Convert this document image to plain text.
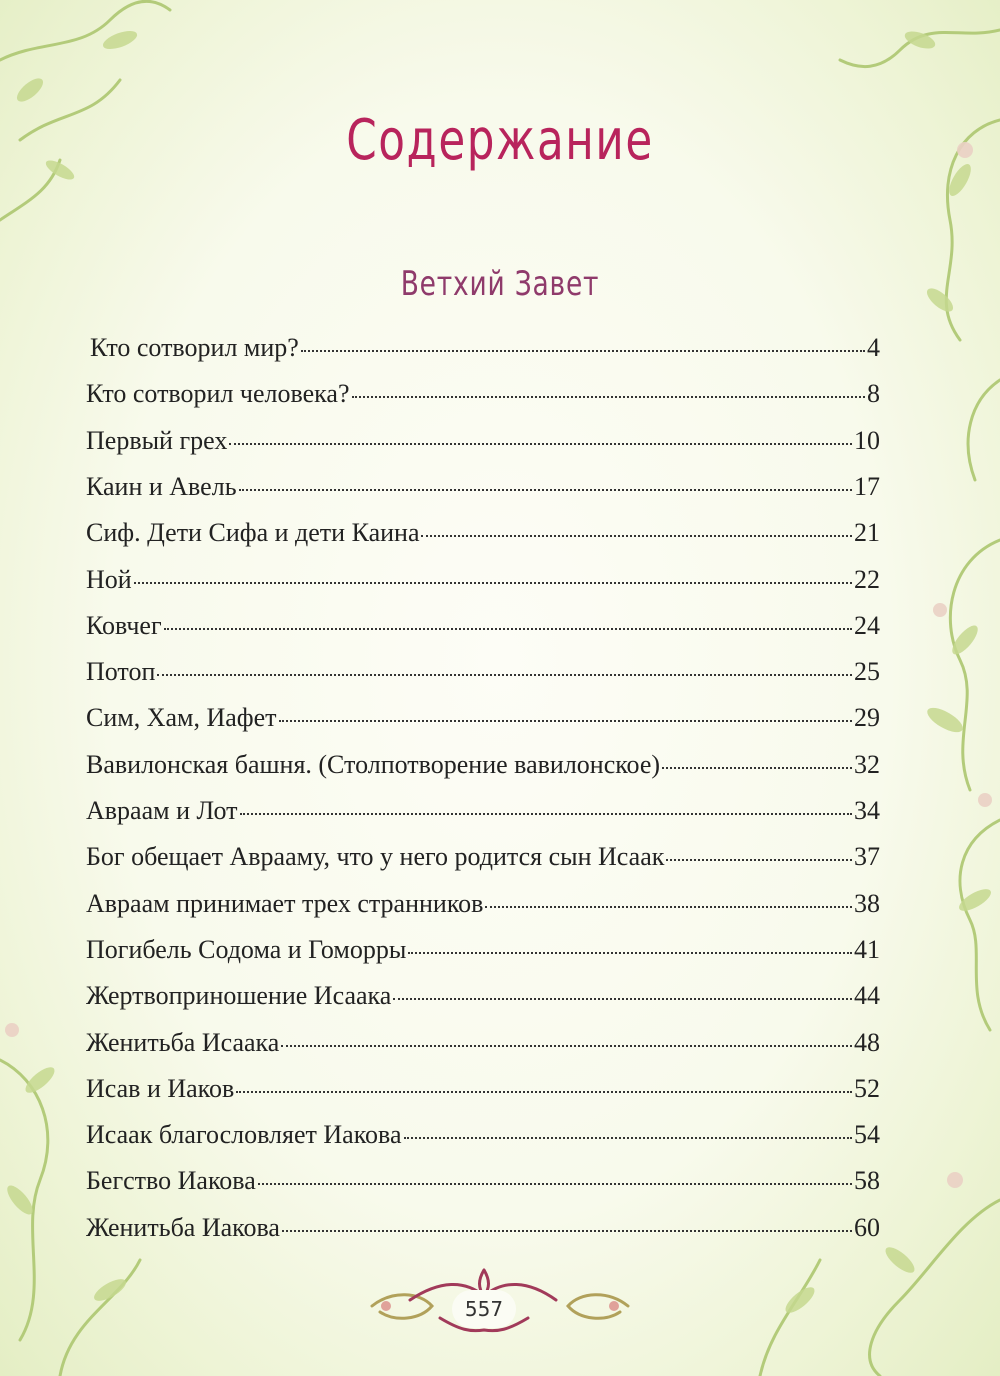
Содержание
Ветхий Завет
Кто сотворил мир?	4
Кто сотворил человека?	8
Первый грех	10
Каин и Авель	17
Сиф. Дети Сифа и дети Каина	21
Ной	22
Ковчег	24
Потоп	25
Сим, Хам, Иафет	29
Вавилонская башня. (Столпотворение вавилонское)	32
Авраам и Лот	34
Бог обещает Аврааму, что у него родится сын Исаак	37
Авраам принимает трех странников	38
Погибель Содома и Гоморры	41
Жертвоприношение Исаака	44
Женитьба Исаака	48
Исав и Иаков	52
Исаак благословляет Иакова	54
Бегство Иакова	58
Женитьба Иакова	60
557
